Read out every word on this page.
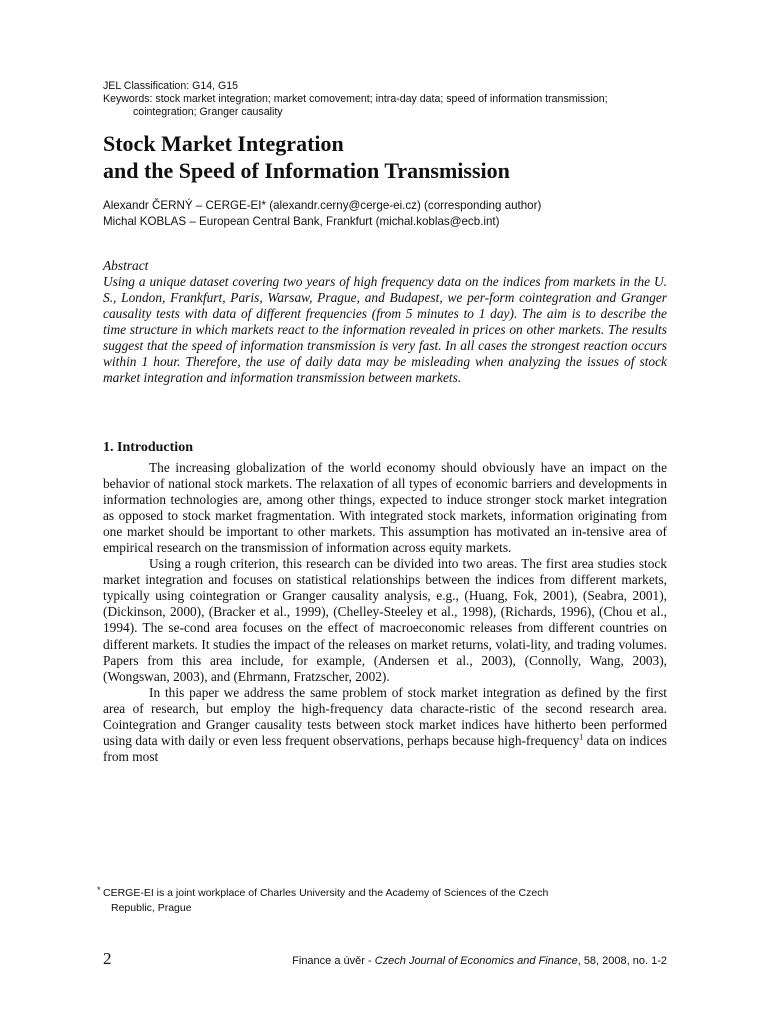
JEL Classification: G14, G15
Keywords: stock market integration; market comovement; intra-day data; speed of information transmission;
cointegration; Granger causality
Stock Market Integration
and the Speed of Information Transmission
Alexandr ČERNÝ – CERGE-EI* (alexandr.cerny@cerge-ei.cz) (corresponding author)
Michal KOBLAS – European Central Bank, Frankfurt (michal.koblas@ecb.int)
Abstract
Using a unique dataset covering two years of high frequency data on the indices from markets in the U. S., London, Frankfurt, Paris, Warsaw, Prague, and Budapest, we per-form cointegration and Granger causality tests with data of different frequencies (from 5 minutes to 1 day). The aim is to describe the time structure in which markets react to the information revealed in prices on other markets. The results suggest that the speed of information transmission is very fast. In all cases the strongest reaction occurs within 1 hour. Therefore, the use of daily data may be misleading when analyzing the issues of stock market integration and information transmission between markets.
1. Introduction

The increasing globalization of the world economy should obviously have an impact on the behavior of national stock markets. The relaxation of all types of economic barriers and developments in information technologies are, among other things, expected to induce stronger stock market integration as opposed to stock market fragmentation. With integrated stock markets, information originating from one market should be important to other markets. This assumption has motivated an in-tensive area of empirical research on the transmission of information across equity markets.

Using a rough criterion, this research can be divided into two areas. The first area studies stock market integration and focuses on statistical relationships between the indices from different markets, typically using cointegration or Granger causality analysis, e.g., (Huang, Fok, 2001), (Seabra, 2001), (Dickinson, 2000), (Bracker et al., 1999), (Chelley-Steeley et al., 1998), (Richards, 1996), (Chou et al., 1994). The se-cond area focuses on the effect of macroeconomic releases from different countries on different markets. It studies the impact of the releases on market returns, volati-lity, and trading volumes. Papers from this area include, for example, (Andersen et al., 2003), (Connolly, Wang, 2003), (Wongswan, 2003), and (Ehrmann, Fratzscher, 2002).

In this paper we address the same problem of stock market integration as defined by the first area of research, but employ the high-frequency data characte-ristic of the second research area. Cointegration and Granger causality tests between stock market indices have hitherto been performed using data with daily or even less frequent observations, perhaps because high-frequency$^1$ data on indices from most

* CERGE-EI is a joint workplace of Charles University and the Academy of Sciences of the Czech
Republic, Prague
2	Finance a úvěr - Czech Journal of Economics and Finance, 58, 2008, no. 1-2
